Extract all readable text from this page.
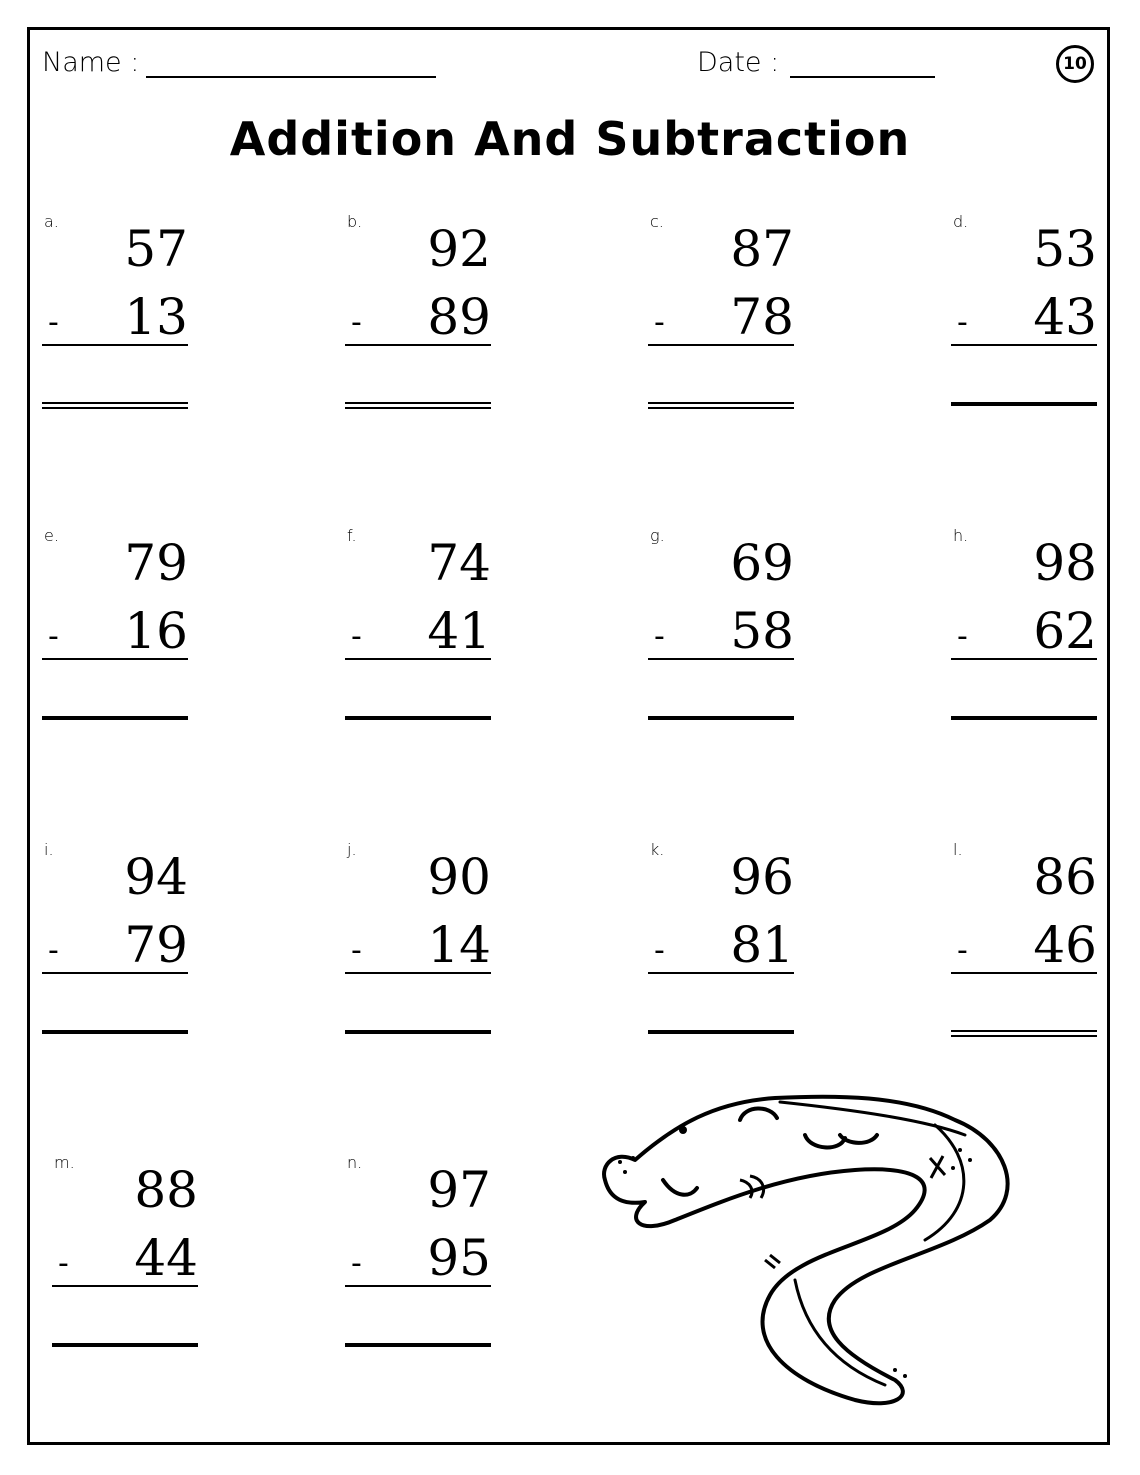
Name :	Date :	10
Addition And Subtraction
a. 57
- 13
b. 92
- 89
c. 87
- 78
d. 53
- 43
e. 79
- 16
f. 74
- 41
g. 69
- 58
h. 98
- 62
i. 94
- 79
j. 90
- 14
k. 96
- 81
l. 86
- 46
m. 88
- 44
n. 97
- 95
